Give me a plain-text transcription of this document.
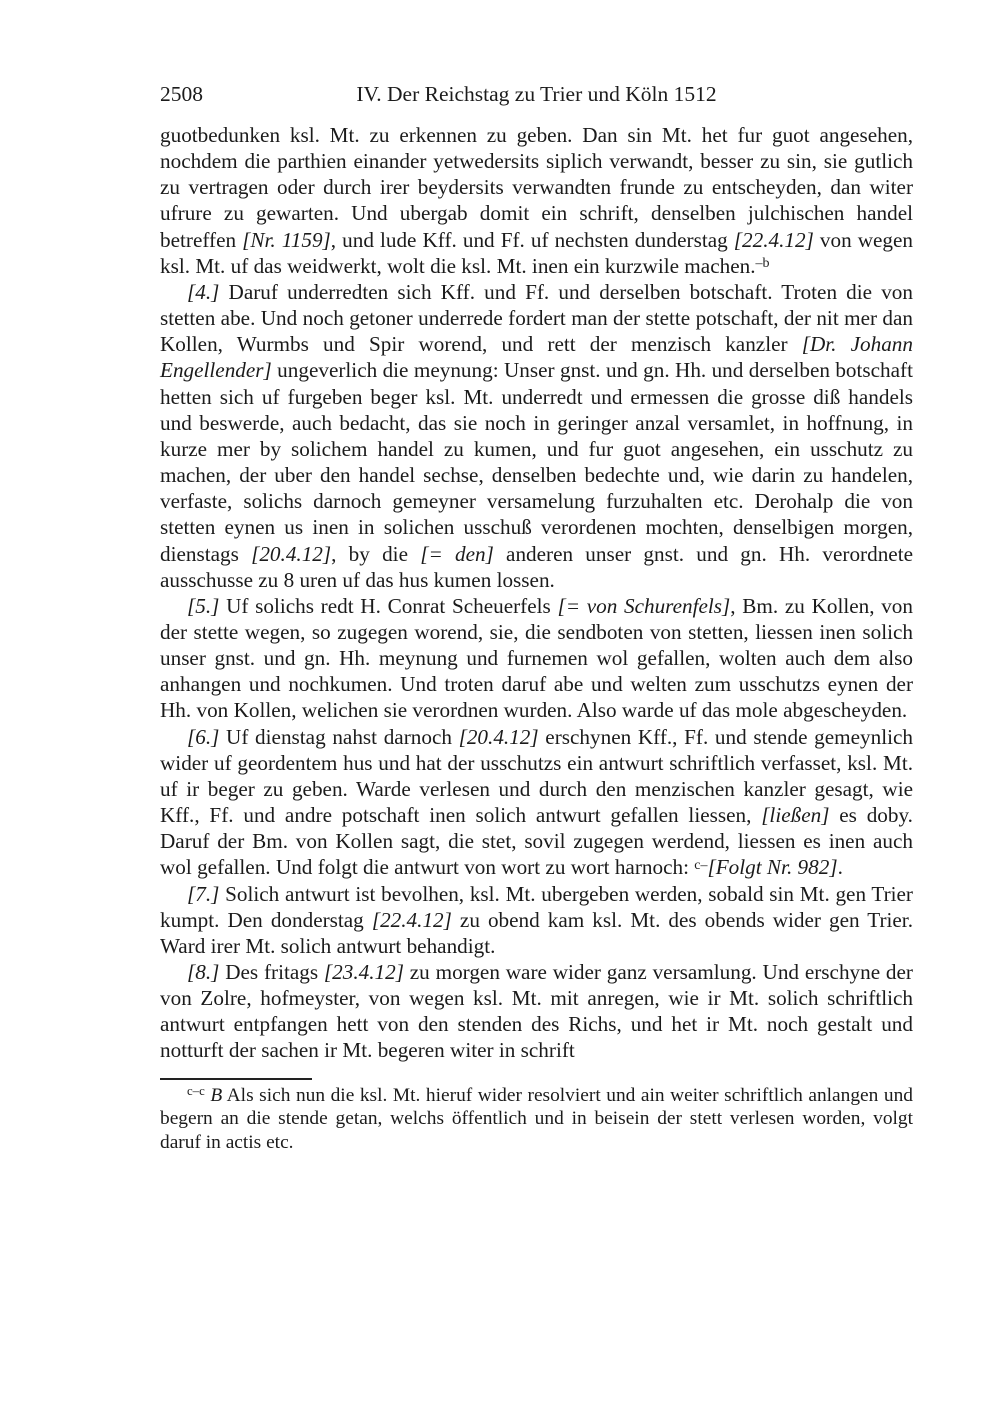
2508	IV. Der Reichstag zu Trier und Köln 1512

guotbedunken ksl. Mt. zu erkennen zu geben. Dan sin Mt. het fur guot angesehen, nochdem die parthien einander yetwedersits siplich verwandt, besser zu sin, sie gutlich zu vertragen oder durch irer beydersits verwandten frunde zu entscheyden, dan witer ufrure zu gewarten. Und ubergab domit ein schrift, denselben julchischen handel betreffen [Nr. 1159], und lude Kff. und Ff. uf nechsten dunderstag [22.4.12] von wegen ksl. Mt. uf das weidwerkt, wolt die ksl. Mt. inen ein kurzwile machen.$^{-b}$

[4.] Daruf underredten sich Kff. und Ff. und derselben botschaft. Troten die von stetten abe. Und noch getoner underrede fordert man der stette potschaft, der nit mer dan Kollen, Wurmbs und Spir worend, und rett der menzisch kanzler [Dr. Johann Engellender] ungeverlich die meynung: Unser gnst. und gn. Hh. und derselben botschaft hetten sich uf furgeben beger ksl. Mt. underredt und ermessen die grosse diß handels und beswerde, auch bedacht, das sie noch in geringer anzal versamlet, in hoffnung, in kurze mer by solichem handel zu kumen, und fur guot angesehen, ein usschutz zu machen, der uber den handel sechse, denselben bedechte und, wie darin zu handelen, verfaste, solichs darnoch gemeyner versamelung furzuhalten etc. Derohalp die von stetten eynen us inen in solichen usschuß verordenen mochten, denselbigen morgen, dienstags [20.4.12], by die [= den] anderen unser gnst. und gn. Hh. verordnete ausschusse zu 8 uren uf das hus kumen lossen.

[5.] Uf solichs redt H. Conrat Scheuerfels [= von Schurenfels], Bm. zu Kollen, von der stette wegen, so zugegen worend, sie, die sendboten von stetten, liessen inen solich unser gnst. und gn. Hh. meynung und furnemen wol gefallen, wolten auch dem also anhangen und nochkumen. Und troten daruf abe und welten zum usschutzs eynen der Hh. von Kollen, welichen sie verordnen wurden. Also warde uf das mole abgescheyden.

[6.] Uf dienstag nahst darnoch [20.4.12] erschynen Kff., Ff. und stende gemeynlich wider uf geordentem hus und hat der usschutzs ein antwurt schriftlich verfasset, ksl. Mt. uf ir beger zu geben. Warde verlesen und durch den menzischen kanzler gesagt, wie Kff., Ff. und andre potschaft inen solich antwurt gefallen liessen, [ließen] es doby. Daruf der Bm. von Kollen sagt, die stet, sovil zugegen werdend, liessen es inen auch wol gefallen. Und folgt die antwurt von wort zu wort harnoch: $^{c-}$[Folgt Nr. 982].

[7.] Solich antwurt ist bevolhen, ksl. Mt. ubergeben werden, sobald sin Mt. gen Trier kumpt. Den donderstag [22.4.12] zu obend kam ksl. Mt. des obends wider gen Trier. Ward irer Mt. solich antwurt behandigt.

[8.] Des fritags [23.4.12] zu morgen ware wider ganz versamlung. Und erschyne der von Zolre, hofmeyster, von wegen ksl. Mt. mit anregen, wie ir Mt. solich schriftlich antwurt entpfangen hett von den stenden des Richs, und het ir Mt. noch gestalt und notturft der sachen ir Mt. begeren witer in schrift

$^{c-c}$ B Als sich nun die ksl. Mt. hieruf wider resolviert und ain weiter schriftlich anlangen und begern an die stende getan, welchs öffentlich und in beisein der stett verlesen worden, volgt daruf in actis etc.
